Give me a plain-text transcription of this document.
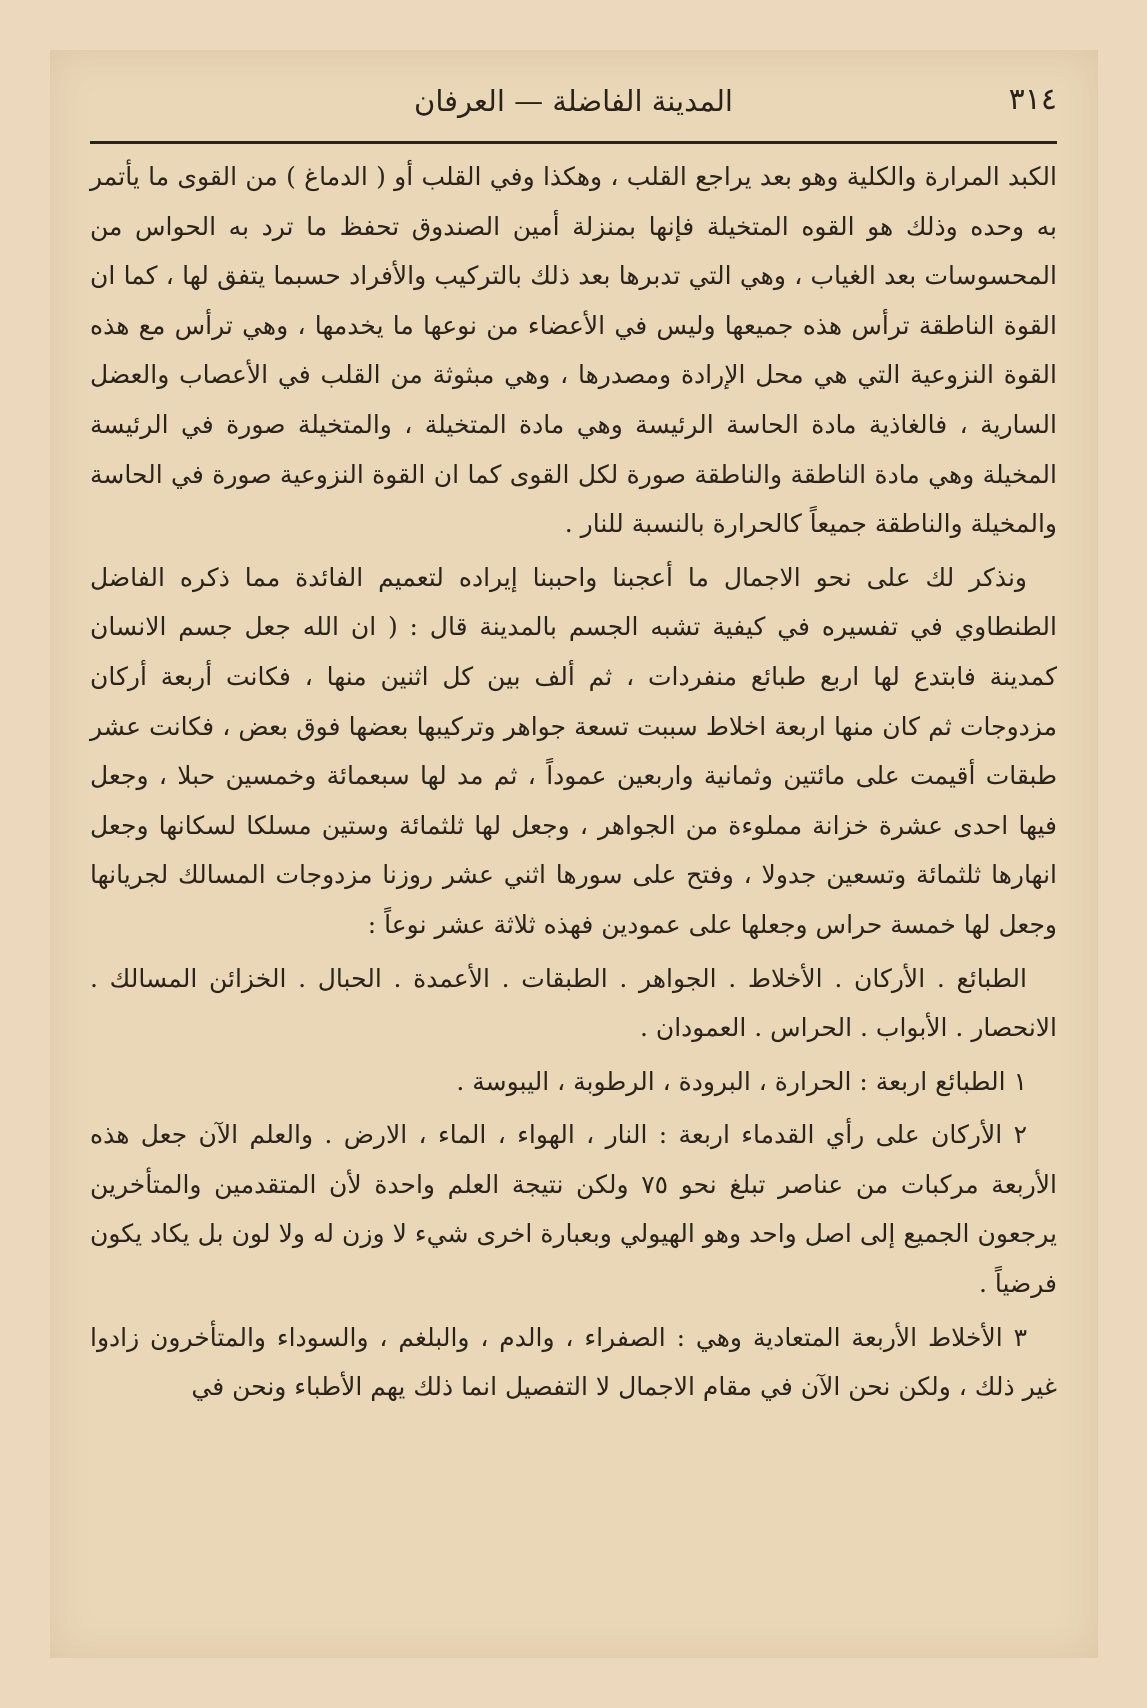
٣١٤
المدينة الفاضلة — العرفان

الكبد المرارة والكلية وهو بعد يراجع القلب ، وهكذا وفي القلب أو ( الدماغ ) من القوى ما يأتمر به وحده وذلك هو القوه المتخيلة فإنها بمنزلة أمين الصندوق تحفظ ما ترد به الحواس من المحسوسات بعد الغياب ، وهي التي تدبرها بعد ذلك بالتركيب والأفراد حسبما يتفق لها ، كما ان القوة الناطقة ترأس هذه جميعها وليس في الأعضاء من نوعها ما يخدمها ، وهي ترأس مع هذه القوة النزوعية التي هي محل الإرادة ومصدرها ، وهي مبثوثة من القلب في الأعصاب والعضل السارية ، فالغاذية مادة الحاسة الرئيسة وهي مادة المتخيلة ، والمتخيلة صورة في الرئيسة المخيلة وهي مادة الناطقة والناطقة صورة لكل القوى كما ان القوة النزوعية صورة في الحاسة والمخيلة والناطقة جميعاً كالحرارة بالنسبة للنار .

ونذكر لك على نحو الاجمال ما أعجبنا واحببنا إيراده لتعميم الفائدة مما ذكره الفاضل الطنطاوي في تفسيره في كيفية تشبه الجسم بالمدينة قال : ( ان الله جعل جسم الانسان كمدينة فابتدع لها اربع طبائع منفردات ، ثم ألف بين كل اثنين منها ، فكانت أربعة أركان مزدوجات ثم كان منها اربعة اخلاط سببت تسعة جواهر وتركيبها بعضها فوق بعض ، فكانت عشر طبقات أقيمت على مائتين وثمانية واربعين عموداً ، ثم مد لها سبعمائة وخمسين حبلا ، وجعل فيها احدى عشرة خزانة مملوءة من الجواهر ، وجعل لها ثلثمائة وستين مسلكا لسكانها وجعل انهارها ثلثمائة وتسعين جدولا ، وفتح على سورها اثني عشر روزنا مزدوجات المسالك لجريانها وجعل لها خمسة حراس وجعلها على عمودين فهذه ثلاثة عشر نوعاً :

الطبائع . الأركان . الأخلاط . الجواهر . الطبقات . الأعمدة . الحبال . الخزائن المسالك . الانحصار . الأبواب . الحراس . العمودان .

١ الطبائع اربعة : الحرارة ، البرودة ، الرطوبة ، اليبوسة .

٢ الأركان على رأي القدماء اربعة : النار ، الهواء ، الماء ، الارض . والعلم الآن جعل هذه الأربعة مركبات من عناصر تبلغ نحو ٧٥ ولكن نتيجة العلم واحدة لأن المتقدمين والمتأخرين يرجعون الجميع إلى اصل واحد وهو الهيولي وبعبارة اخرى شيء لا وزن له ولا لون بل يكاد يكون فرضياً .

٣ الأخلاط الأربعة المتعادية وهي : الصفراء ، والدم ، والبلغم ، والسوداء والمتأخرون زادوا غير ذلك ، ولكن نحن الآن في مقام الاجمال لا التفصيل انما ذلك يهم الأطباء ونحن في
